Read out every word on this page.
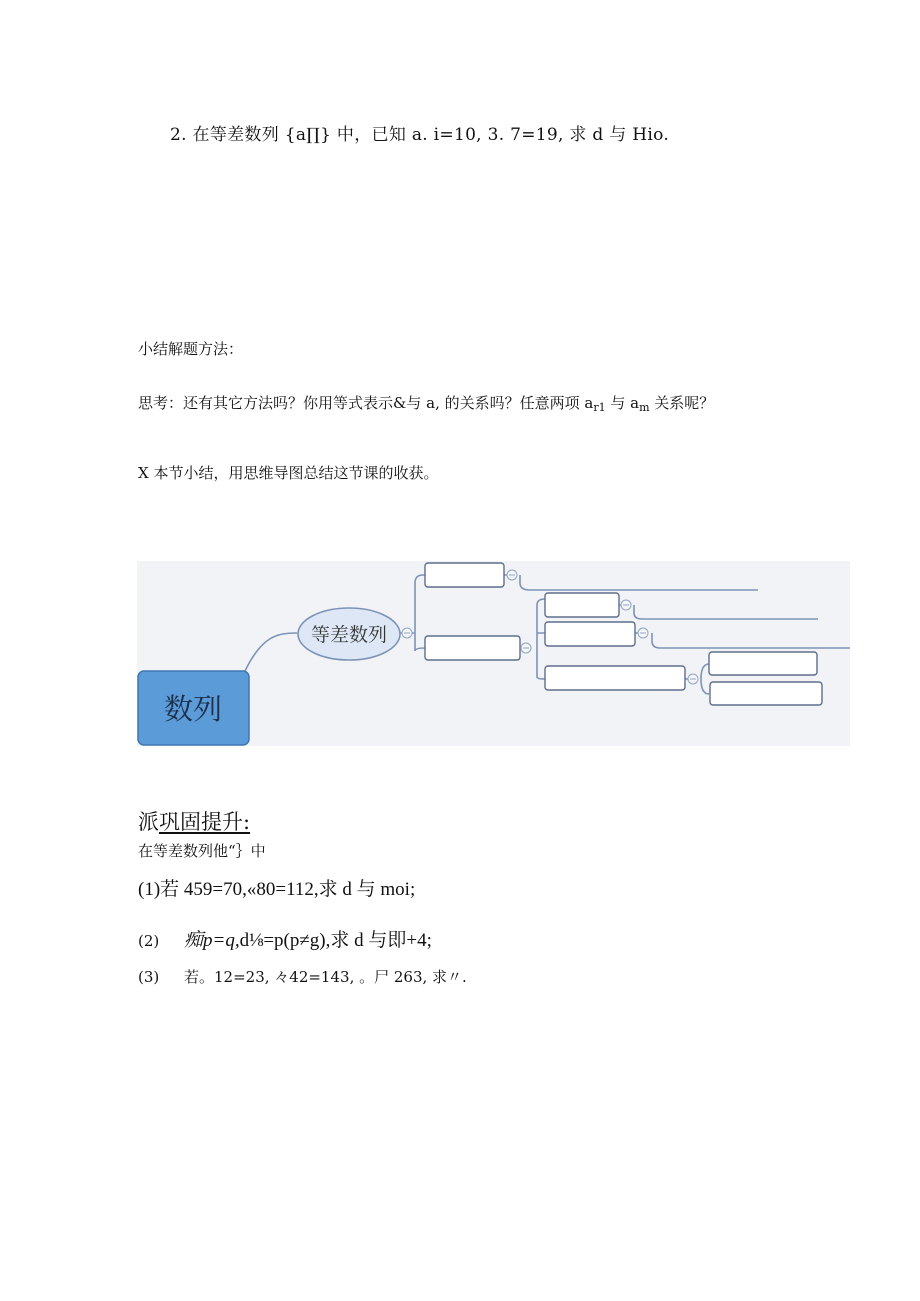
2. 在等差数列 {a∏} 中，已知 a. i=10, 3. 7=19, 求 d 与 Hio.
小结解题方法：
思考：还有其它方法吗？你用等式表示&与 a, 的关系吗？任意两项 $a_{r1}$ 与 $a_m$ 关系呢？
X 本节小结，用思维导图总结这节课的收获。
数列
等差数列
派巩固提升:
在等差数列他“｝中
(1)若 459=70,«80=112,求 d 与 moi;
(2) 痴p=q,d⅛=p(p≠g),求 d 与即+4;
(3) 若。12=23, 々42=143, 。尸 263, 求〃.
